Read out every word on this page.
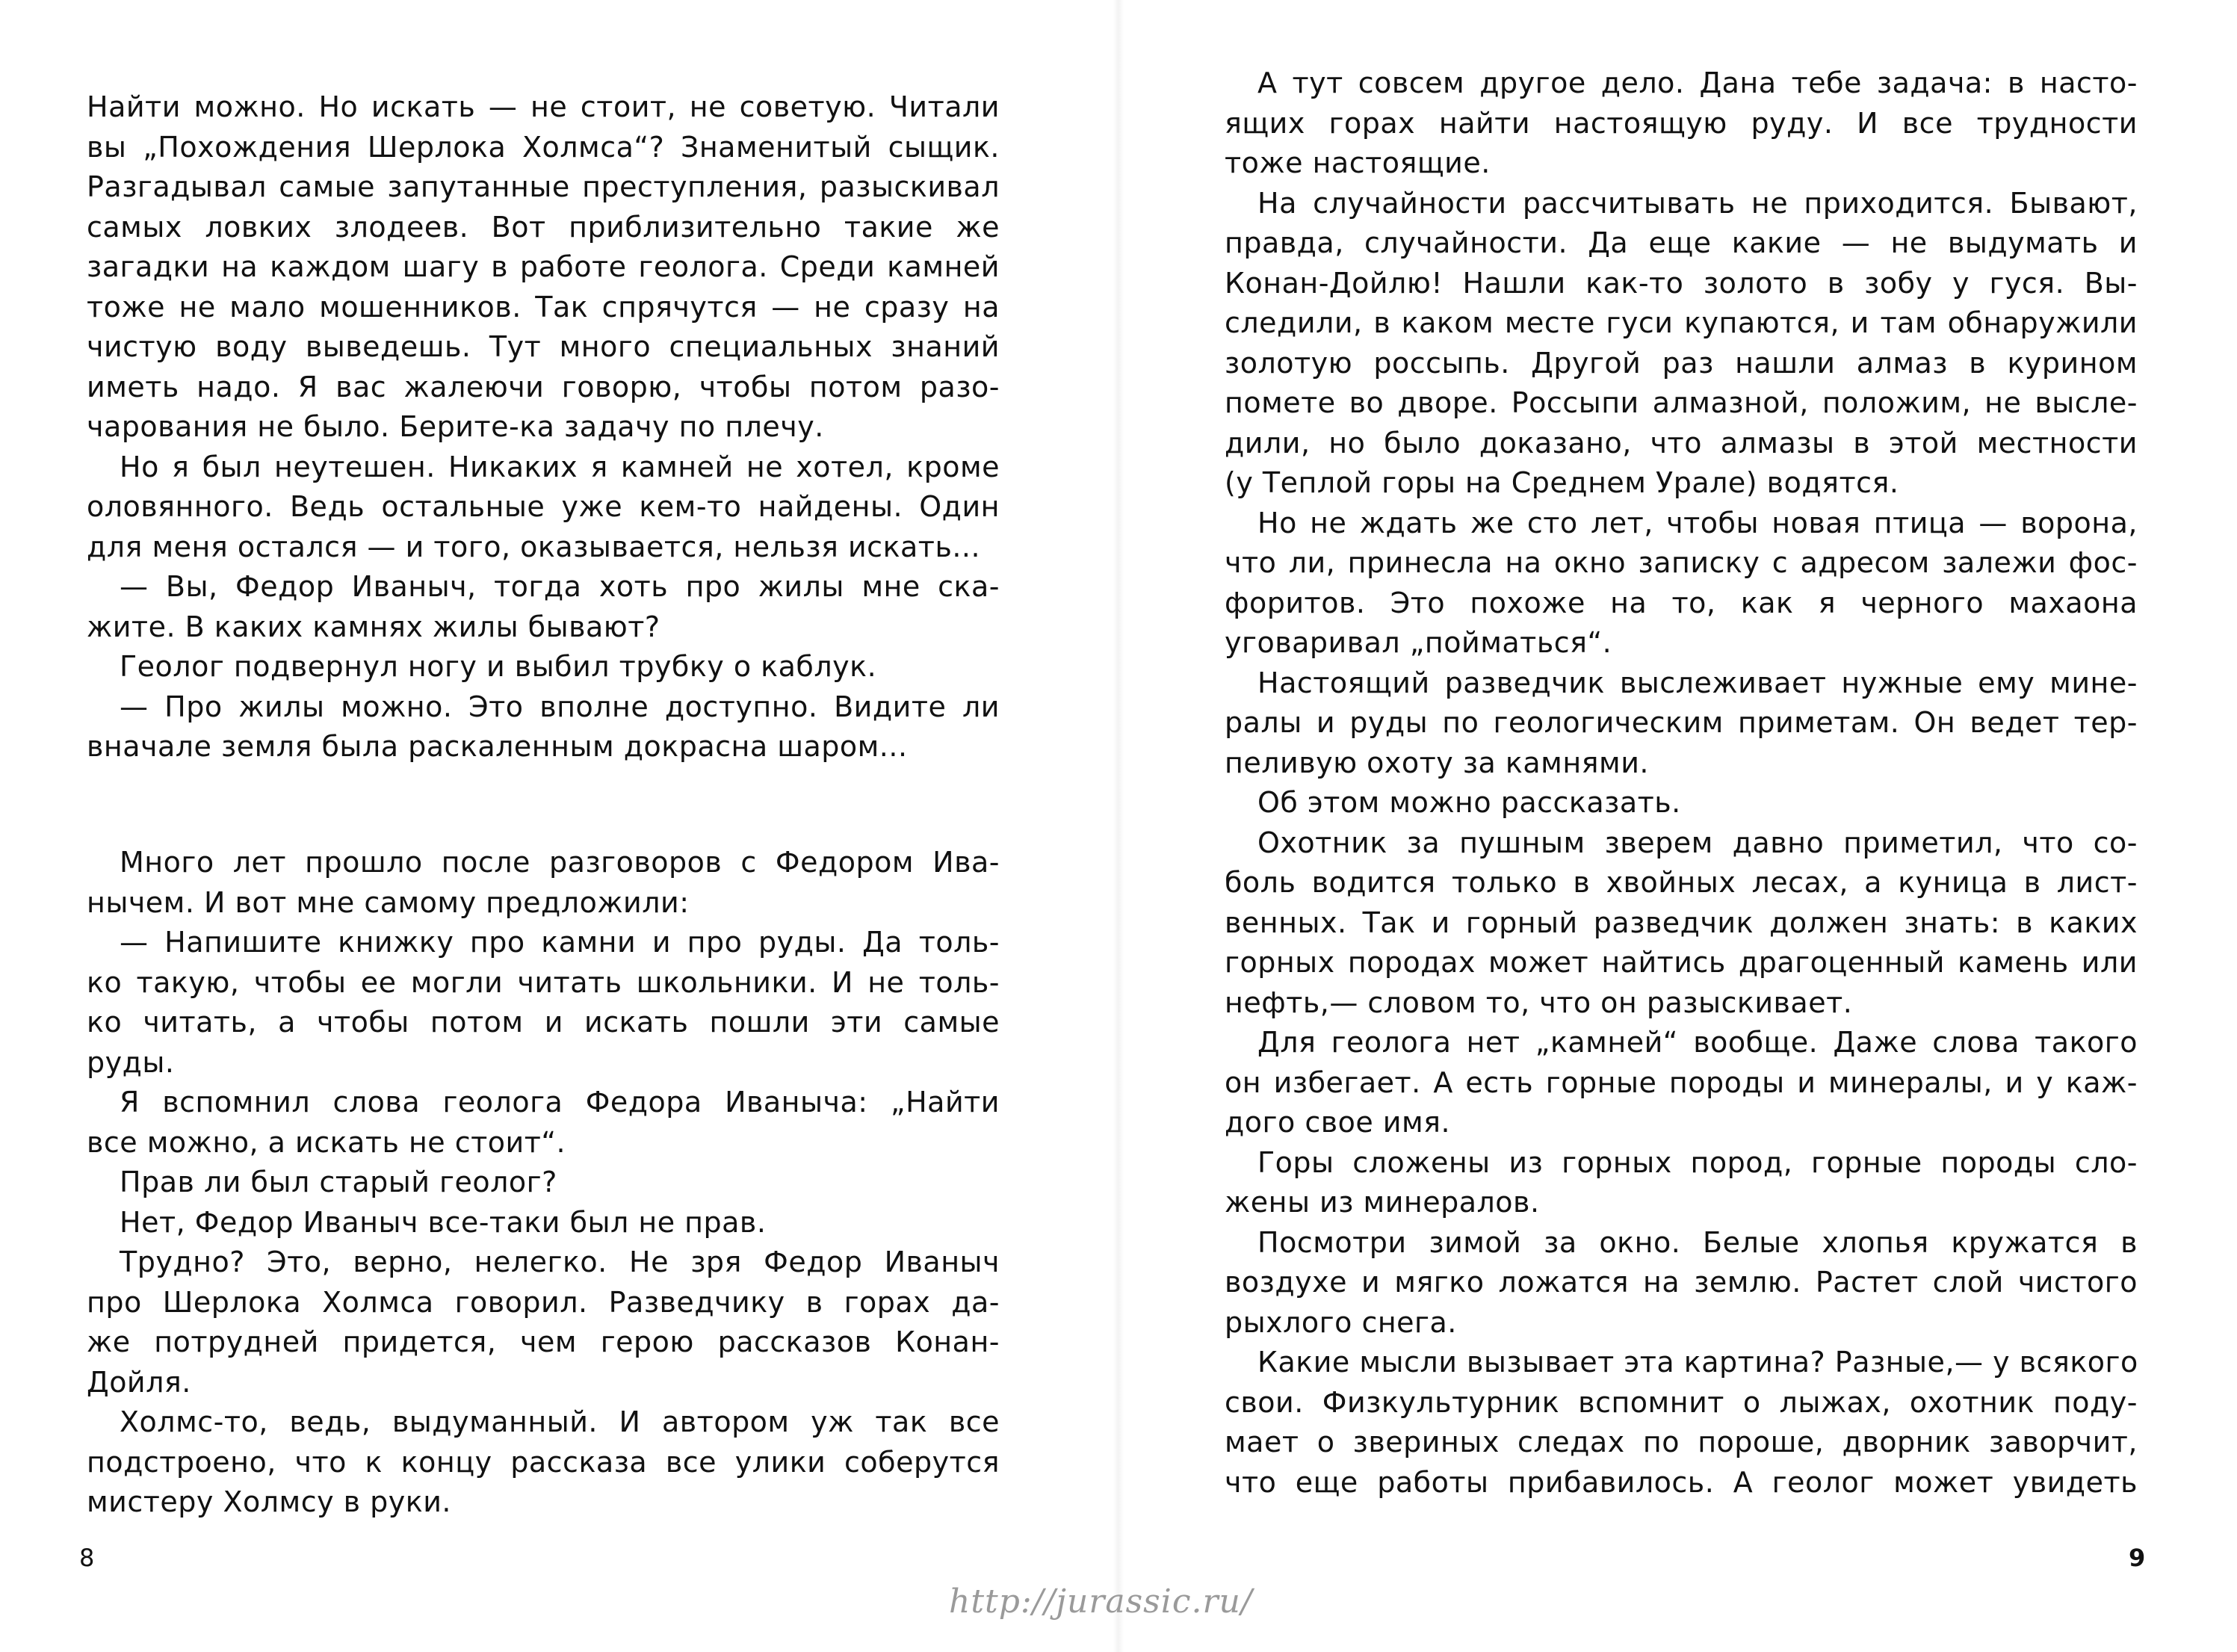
Найти можно. Но искать — не стоит, не советую. Читали
вы „Похождения Шерлока Холмса“? Знаменитый сыщик.
Разгадывал самые запутанные преступления, разыскивал
самых ловких злодеев. Вот приблизительно такие же
загадки на каждом шагу в работе геолога. Среди камней
тоже не мало мошенников. Так спрячутся — не сразу на
чистую воду выведешь. Тут много специальных знаний
иметь надо. Я вас жалеючи говорю, чтобы потом разо-
чарования не было. Берите-ка задачу по плечу.
Но я был неутешен. Никаких я камней не хотел, кроме
оловянного. Ведь остальные уже кем-то найдены. Один
для меня остался — и того, оказывается, нельзя искать...
— Вы, Федор Иваныч, тогда хоть про жилы мне ска-
жите. В каких камнях жилы бывают?
Геолог подвернул ногу и выбил трубку о каблук.
— Про жилы можно. Это вполне доступно. Видите ли
вначале земля была раскаленным докрасна шаром...
Много лет прошло после разговоров с Федором Ива-
нычем. И вот мне самому предложили:
— Напишите книжку про камни и про руды. Да толь-
ко такую, чтобы ее могли читать школьники. И не толь-
ко читать, а чтобы потом и искать пошли эти самые
руды.
Я вспомнил слова геолога Федора Иваныча: „Найти
все можно, а искать не стоит“.
Прав ли был старый геолог?
Нет, Федор Иваныч все-таки был не прав.
Трудно? Это, верно, нелегко. Не зря Федор Иваныч
про Шерлока Холмса говорил. Разведчику в горах да-
же потрудней придется, чем герою рассказов Конан-
Дойля.
Холмс-то, ведь, выдуманный. И автором уж так все
подстроено, что к концу рассказа все улики соберутся
мистеру Холмсу в руки.
8
А тут совсем другое дело. Дана тебе задача: в насто-
ящих горах найти настоящую руду. И все трудности
тоже настоящие.
На случайности рассчитывать не приходится. Бывают,
правда, случайности. Да еще какие — не выдумать и
Конан-Дойлю! Нашли как-то золото в зобу у гуся. Вы-
следили, в каком месте гуси купаются, и там обнаружили
золотую россыпь. Другой раз нашли алмаз в курином
помете во дворе. Россыпи алмазной, положим, не высле-
дили, но было доказано, что алмазы в этой местности
(у Теплой горы на Среднем Урале) водятся.
Но не ждать же сто лет, чтобы новая птица — ворона,
что ли, принесла на окно записку с адресом залежи фос-
форитов. Это похоже на то, как я черного махаона
уговаривал „пойматься“.
Настоящий разведчик выслеживает нужные ему мине-
ралы и руды по геологическим приметам. Он ведет тер-
пеливую охоту за камнями.
Об этом можно рассказать.
Охотник за пушным зверем давно приметил, что со-
боль водится только в хвойных лесах, а куница в лист-
венных. Так и горный разведчик должен знать: в каких
горных породах может найтись драгоценный камень или
нефть,— словом то, что он разыскивает.
Для геолога нет „камней“ вообще. Даже слова такого
он избегает. А есть горные породы и минералы, и у каж-
дого свое имя.
Горы сложены из горных пород, горные породы сло-
жены из минералов.
Посмотри зимой за окно. Белые хлопья кружатся в
воздухе и мягко ложатся на землю. Растет слой чистого
рыхлого снега.
Какие мысли вызывает эта картина? Разные,— у всякого
свои. Физкультурник вспомнит о лыжах, охотник поду-
мает о звериных следах по пороше, дворник заворчит,
что еще работы прибавилось. А геолог может увидеть
9
http://jurassic.ru/
